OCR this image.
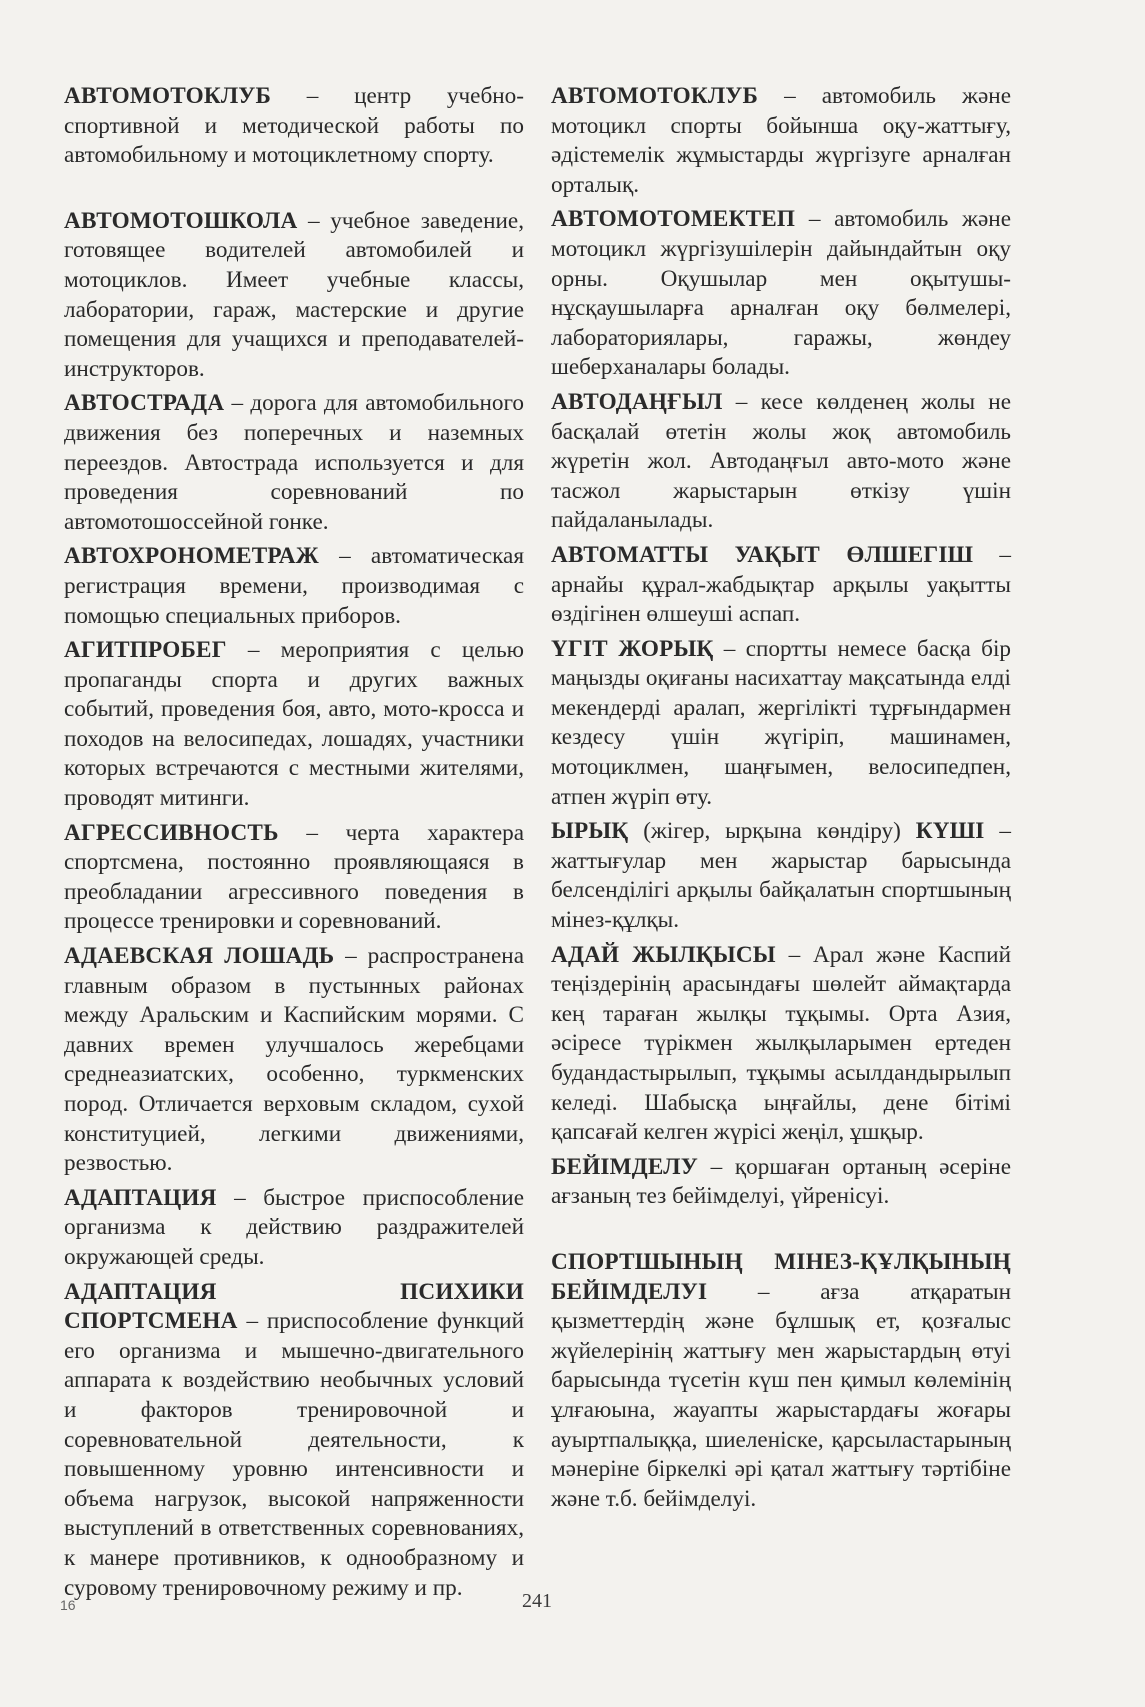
АВТОМОТОКЛУБ – центр учебно-спортивной и методической работы по автомобильному и мотоциклетному спорту.

АВТОМОТОШКОЛА – учебное заведение, готовящее водителей автомобилей и мотоциклов. Имеет учебные классы, лаборатории, гараж, мастерские и другие помещения для учащихся и преподавателей-инструкторов.

АВТОСТРАДА – дорога для автомобильного движения без поперечных и наземных переездов. Автострада используется и для проведения соревнований по автомотошоссейной гонке.

АВТОХРОНОМЕТРАЖ – автоматическая регистрация времени, производимая с помощью специальных приборов.

АГИТПРОБЕГ – мероприятия с целью пропаганды спорта и других важных событий, проведения боя, авто, мото-кросса и походов на велосипедах, лошадях, участники которых встречаются с местными жителями, проводят митинги.

АГРЕССИВНОСТЬ – черта характера спортсмена, постоянно проявляющаяся в преобладании агрессивного поведения в процессе тренировки и соревнований.

АДАЕВСКАЯ ЛОШАДЬ – распространена главным образом в пустынных районах между Аральским и Каспийским морями. С давних времен улучшалось жеребцами среднеазиатских, особенно, туркменских пород. Отличается верховым складом, сухой конституцией, легкими движениями, резвостью.

АДАПТАЦИЯ – быстрое приспособление организма к действию раздражителей окружающей среды.

АДАПТАЦИЯ ПСИХИКИ СПОРТСМЕНА – приспособление функций его организма и мышечно-двигательного аппарата к воздействию необычных условий и факторов тренировочной и соревновательной деятельности, к повышенному уровню интенсивности и объема нагрузок, высокой напряженности выступлений в ответственных соревнованиях, к манере противников, к однообразному и суровому тренировочному режиму и пр.

АВТОМОТОКЛУБ – автомобиль және мотоцикл спорты бойынша оқу-жаттығу, әдістемелік жұмыстарды жүргізуге арналған орталық.

АВТОМОТОМЕКТЕП – автомобиль және мотоцикл жүргізушілерін дайындайтын оқу орны. Оқушылар мен оқытушы-нұсқаушыларға арналған оқу бөлмелері, лабораториялары, гаражы, жөндеу шеберханалары болады.

АВТОДАҢҒЫЛ – кесе көлденең жолы не басқалай өтетін жолы жоқ автомобиль жүретін жол. Автодаңғыл авто-мото және тасжол жарыстарын өткізу үшін пайдаланылады.

АВТОМАТТЫ УАҚЫТ ӨЛШЕГІШ – арнайы құрал-жабдықтар арқылы уақытты өздігінен өлшеуші аспап.

ҮГІТ ЖОРЫҚ – спортты немесе басқа бір маңызды оқиғаны насихаттау мақсатында елді мекендерді аралап, жергілікті тұрғындармен кездесу үшін жүгіріп, машинамен, мотоциклмен, шаңғымен, велосипедпен, атпен жүріп өту.

ЫРЫҚ (жігер, ырқына көндіру) КҮШІ – жаттығулар мен жарыстар барысында белсенділігі арқылы байқалатын спортшының мінез-құлқы.

АДАЙ ЖЫЛҚЫСЫ – Арал және Каспий теңіздерінің арасындағы шөлейт аймақтарда кең тараған жылқы тұқымы. Орта Азия, әсіресе түрікмен жылқыларымен ертеден будандастырылып, тұқымы асылдандырылып келеді. Шабысқа ыңғайлы, дене бітімі қапсағай келген жүрісі жеңіл, ұшқыр.

БЕЙІМДЕЛУ – қоршаған ортаның әсеріне ағзаның тез бейімделуі, үйренісуі.

СПОРТШЫНЫҢ МІНЕЗ-ҚҰЛҚЫНЫҢ БЕЙІМДЕЛУІ – ағза атқаратын қызметтердің және бұлшық ет, қозғалыс жүйелерінің жаттығу мен жарыстардың өтуі барысында түсетін күш пен қимыл көлемінің ұлғаюына, жауапты жарыстардағы жоғары ауыртпалыққа, шиеленіске, қарсыластарының мәнеріне біркелкі әрі қатал жаттығу тәртібіне және т.б. бейімделуі.

16	241
